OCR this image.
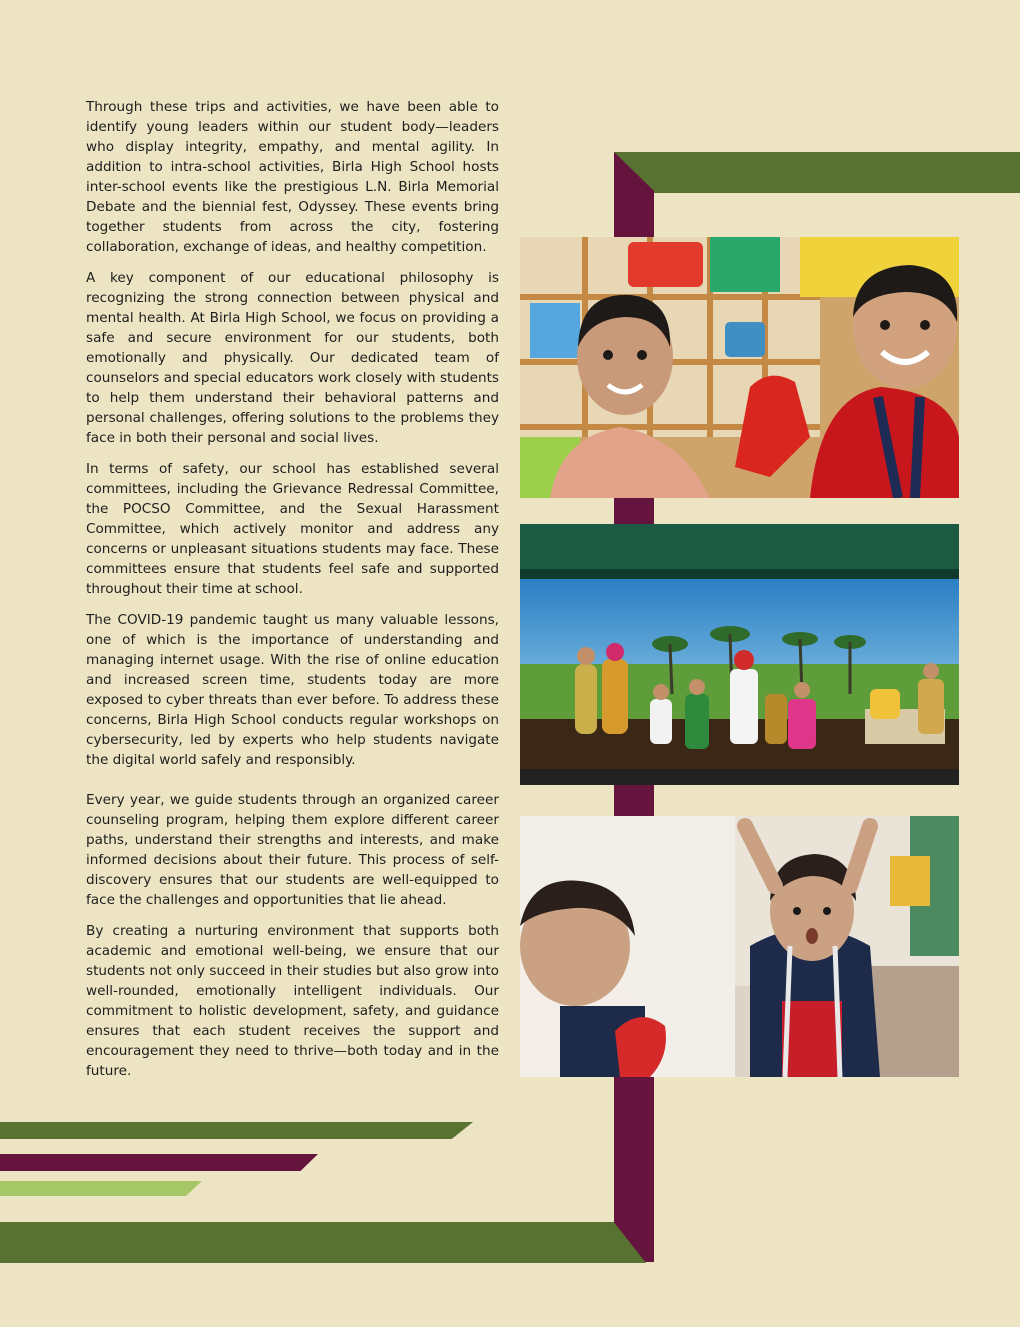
Through these trips and activities, we have been able to identify young leaders within our student body—leaders who display integrity, empathy, and mental agility. In addition to intra-school activities, Birla High School hosts inter-school events like the prestigious L.N. Birla Memorial Debate and the biennial fest, Odyssey. These events bring together students from across the city, fostering collaboration, exchange of ideas, and healthy competition.

A key component of our educational philosophy is recognizing the strong connection between physical and mental health. At Birla High School, we focus on providing a safe and secure environment for our students, both emotionally and physically. Our dedicated team of counselors and special educators work closely with students to help them understand their behavioral patterns and personal challenges, offering solutions to the problems they face in both their personal and social lives.

In terms of safety, our school has established several committees, including the Grievance Redressal Committee, the POCSO Committee, and the Sexual Harassment Committee, which actively monitor and address any concerns or unpleasant situations students may face. These committees ensure that students feel safe and supported throughout their time at school.

The COVID-19 pandemic taught us many valuable lessons, one of which is the importance of understanding and managing internet usage. With the rise of online education and increased screen time, students today are more exposed to cyber threats than ever before. To address these concerns, Birla High School conducts regular workshops on cybersecurity, led by experts who help students navigate the digital world safely and responsibly.

Every year, we guide students through an organized career counseling program, helping them explore different career paths, understand their strengths and interests, and make informed decisions about their future. This process of self-discovery ensures that our students are well-equipped to face the challenges and opportunities that lie ahead.

By creating a nurturing environment that supports both academic and emotional well-being, we ensure that our students not only succeed in their studies but also grow into well-rounded, emotionally intelligent individuals. Our commitment to holistic development, safety, and guidance ensures that each student receives the support and encouragement they need to thrive—both today and in the future.
